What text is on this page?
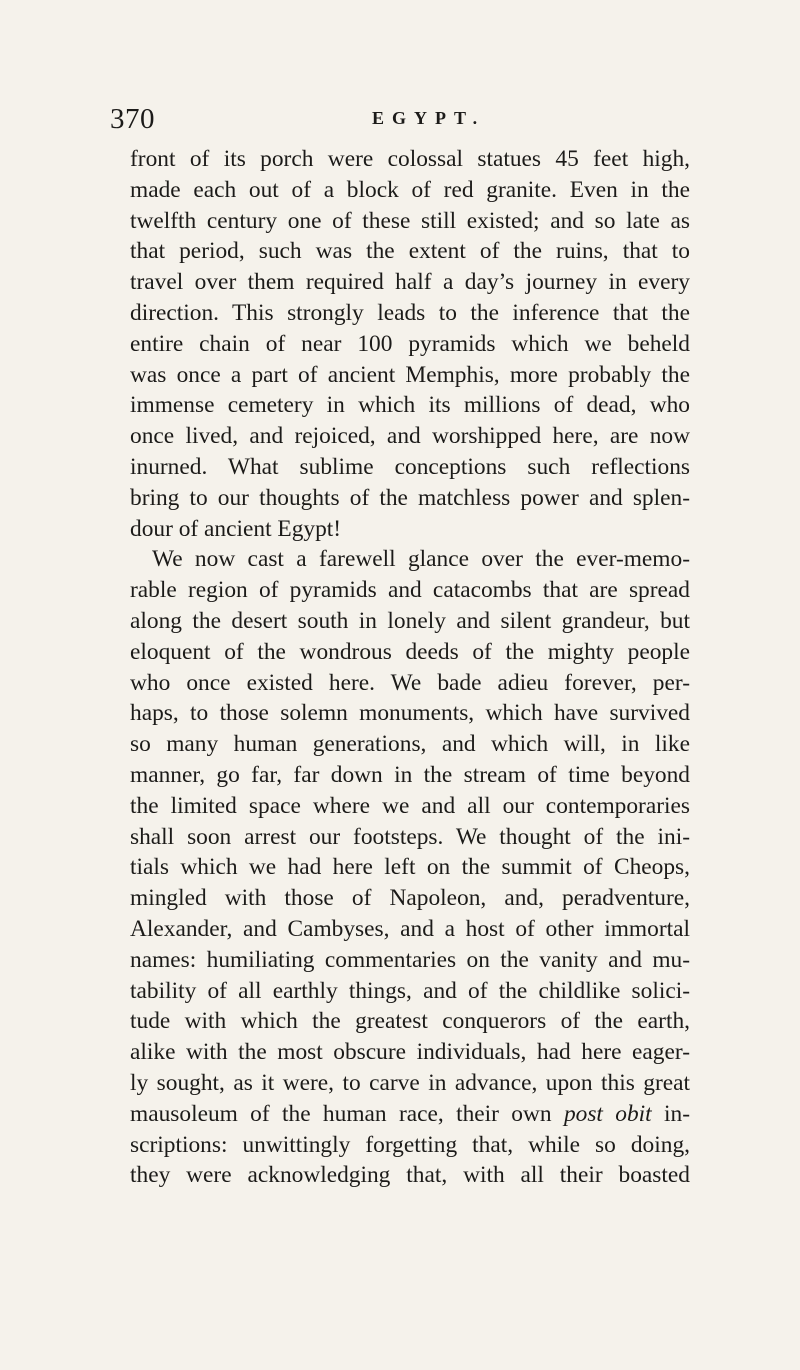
370	EGYPT.
front of its porch were colossal statues 45 feet high,
made each out of a block of red granite. Even in the
twelfth century one of these still existed; and so late as
that period, such was the extent of the ruins, that to
travel over them required half a day’s journey in every
direction. This strongly leads to the inference that the
entire chain of near 100 pyramids which we beheld
was once a part of ancient Memphis, more probably the
immense cemetery in which its millions of dead, who
once lived, and rejoiced, and worshipped here, are now
inurned. What sublime conceptions such reflections
bring to our thoughts of the matchless power and splen-
dour of ancient Egypt!
We now cast a farewell glance over the ever-memo-
rable region of pyramids and catacombs that are spread
along the desert south in lonely and silent grandeur, but
eloquent of the wondrous deeds of the mighty people
who once existed here. We bade adieu forever, per-
haps, to those solemn monuments, which have survived
so many human generations, and which will, in like
manner, go far, far down in the stream of time beyond
the limited space where we and all our contemporaries
shall soon arrest our footsteps. We thought of the ini-
tials which we had here left on the summit of Cheops,
mingled with those of Napoleon, and, peradventure,
Alexander, and Cambyses, and a host of other immortal
names: humiliating commentaries on the vanity and mu-
tability of all earthly things, and of the childlike solici-
tude with which the greatest conquerors of the earth,
alike with the most obscure individuals, had here eager-
ly sought, as it were, to carve in advance, upon this great
mausoleum of the human race, their own post obit in-
scriptions: unwittingly forgetting that, while so doing,
they were acknowledging that, with all their boasted
